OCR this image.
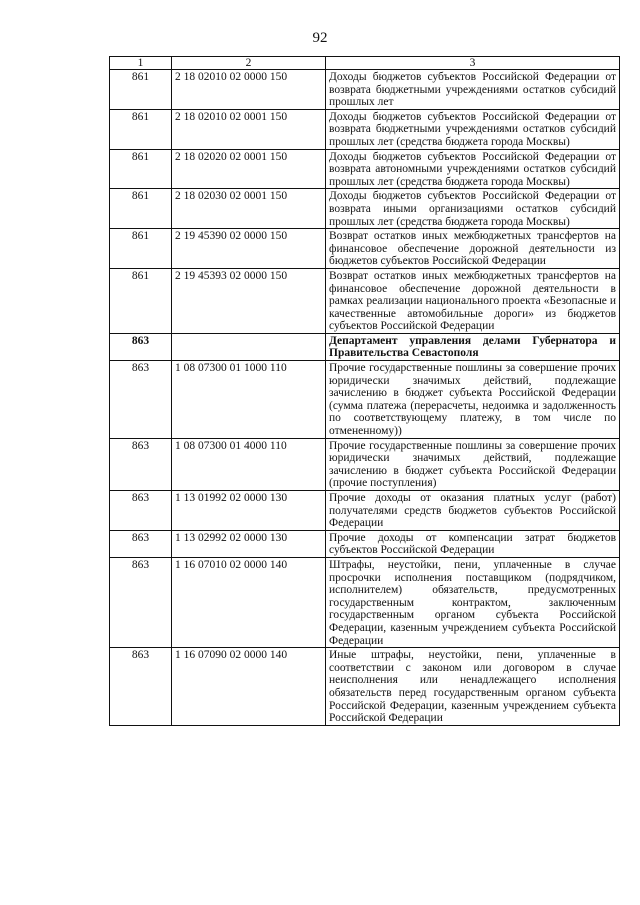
92
1	2	3
861	2 18 02010 02 0000 150	Доходы бюджетов субъектов Российской Федерации от возврата бюджетными учреждениями остатков субсидий прошлых лет
861	2 18 02010 02 0001 150	Доходы бюджетов субъектов Российской Федерации от возврата бюджетными учреждениями остатков субсидий прошлых лет (средства бюджета города Москвы)
861	2 18 02020 02 0001 150	Доходы бюджетов субъектов Российской Федерации от возврата автономными учреждениями остатков субсидий прошлых лет (средства бюджета города Москвы)
861	2 18 02030 02 0001 150	Доходы бюджетов субъектов Российской Федерации от возврата иными организациями остатков субсидий прошлых лет (средства бюджета города Москвы)
861	2 19 45390 02 0000 150	Возврат остатков иных межбюджетных трансфертов на финансовое обеспечение дорожной деятельности из бюджетов субъектов Российской Федерации
861	2 19 45393 02 0000 150	Возврат остатков иных межбюджетных трансфертов на финансовое обеспечение дорожной деятельности в рамках реализации национального проекта «Безопасные и качественные автомобильные дороги» из бюджетов субъектов Российской Федерации
863		Департамент управления делами Губернатора и Правительства Севастополя
863	1 08 07300 01 1000 110	Прочие государственные пошлины за совершение прочих юридически значимых действий, подлежащие зачислению в бюджет субъекта Российской Федерации (сумма платежа (перерасчеты, недоимка и задолженность по соответствующему платежу, в том числе по отмененному))
863	1 08 07300 01 4000 110	Прочие государственные пошлины за совершение прочих юридически значимых действий, подлежащие зачислению в бюджет субъекта Российской Федерации (прочие поступления)
863	1 13 01992 02 0000 130	Прочие доходы от оказания платных услуг (работ) получателями средств бюджетов субъектов Российской Федерации
863	1 13 02992 02 0000 130	Прочие доходы от компенсации затрат бюджетов субъектов Российской Федерации
863	1 16 07010 02 0000 140	Штрафы, неустойки, пени, уплаченные в случае просрочки исполнения поставщиком (подрядчиком, исполнителем) обязательств, предусмотренных государственным контрактом, заключенным государственным органом субъекта Российской Федерации, казенным учреждением субъекта Российской Федерации
863	1 16 07090 02 0000 140	Иные штрафы, неустойки, пени, уплаченные в соответствии с законом или договором в случае неисполнения или ненадлежащего исполнения обязательств перед государственным органом субъекта Российской Федерации, казенным учреждением субъекта Российской Федерации
